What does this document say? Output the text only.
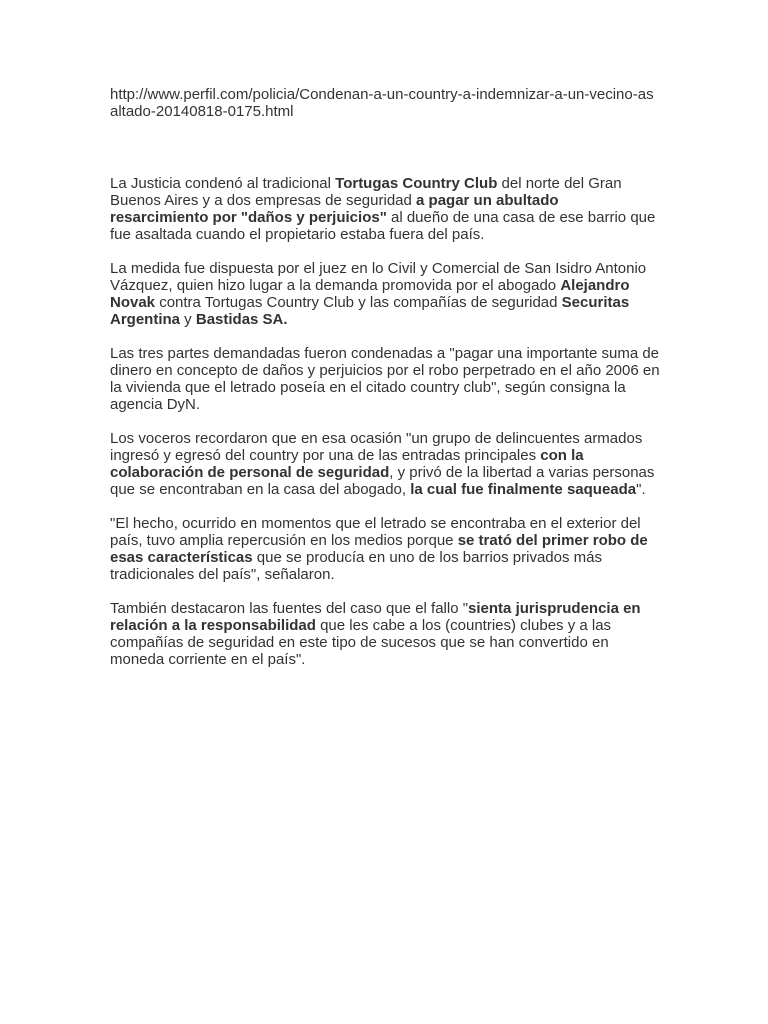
http://www.perfil.com/policia/Condenan-a-un-country-a-indemnizar-a-un-vecino-asaltado-20140818-0175.html

La Justicia condenó al tradicional Tortugas Country Club del norte del Gran Buenos Aires y a dos empresas de seguridad a pagar un abultado resarcimiento por "daños y perjuicios" al dueño de una casa de ese barrio que fue asaltada cuando el propietario estaba fuera del país.

La medida fue dispuesta por el juez en lo Civil y Comercial de San Isidro Antonio Vázquez, quien hizo lugar a la demanda promovida por el abogado Alejandro Novak contra Tortugas Country Club y las compañías de seguridad Securitas Argentina y Bastidas SA.

Las tres partes demandadas fueron condenadas a "pagar una importante suma de dinero en concepto de daños y perjuicios por el robo perpetrado en el año 2006 en la vivienda que el letrado poseía en el citado country club", según consigna la agencia DyN.

Los voceros recordaron que en esa ocasión "un grupo de delincuentes armados ingresó y egresó del country por una de las entradas principales con la colaboración de personal de seguridad, y privó de la libertad a varias personas que se encontraban en la casa del abogado, la cual fue finalmente saqueada".

"El hecho, ocurrido en momentos que el letrado se encontraba en el exterior del país, tuvo amplia repercusión en los medios porque se trató del primer robo de esas características que se producía en uno de los barrios privados más tradicionales del país", señalaron.

También destacaron las fuentes del caso que el fallo "sienta jurisprudencia en relación a la responsabilidad que les cabe a los (countries) clubes y a las compañías de seguridad en este tipo de sucesos que se han convertido en moneda corriente en el país".
